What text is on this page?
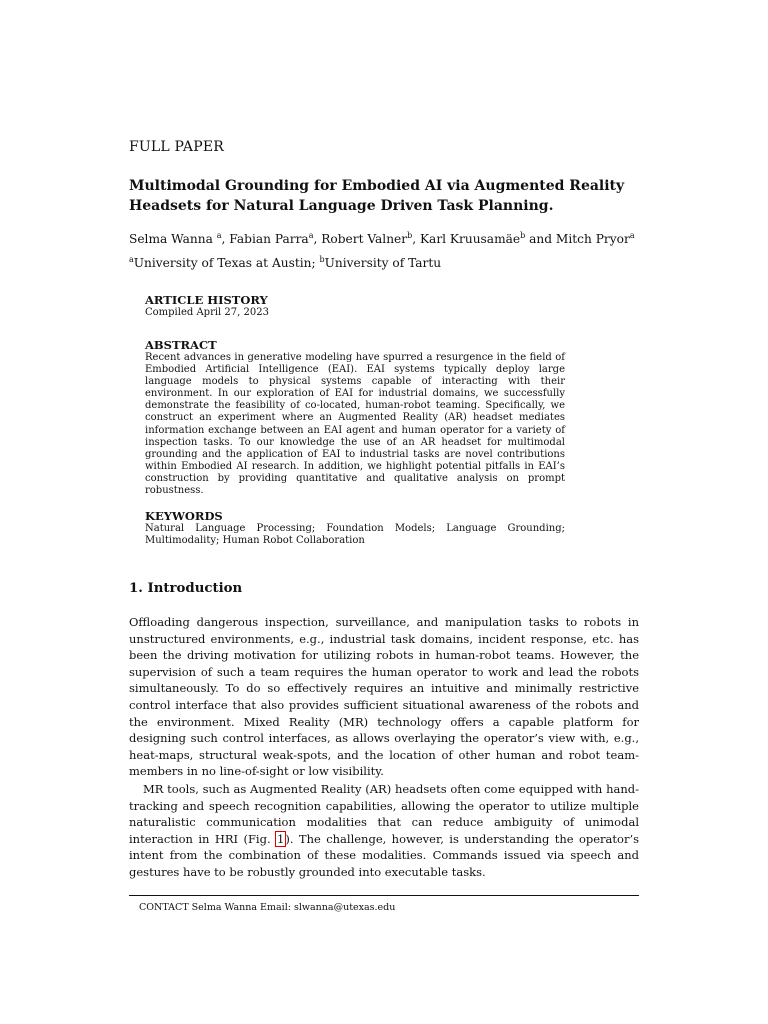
FULL PAPER
Multimodal Grounding for Embodied AI via Augmented Reality Headsets for Natural Language Driven Task Planning.
Selma Wanna $^a$, Fabian Parra$^a$, Robert Valner$^b$, Karl Kruusamäe$^b$ and Mitch Pryor$^a$
$^a$University of Texas at Austin; $^b$University of Tartu
ARTICLE HISTORY
Compiled April 27, 2023
ABSTRACT
Recent advances in generative modeling have spurred a resurgence in the field of Embodied Artificial Intelligence (EAI). EAI systems typically deploy large language models to physical systems capable of interacting with their environment. In our exploration of EAI for industrial domains, we successfully demonstrate the feasibility of co-located, human-robot teaming. Specifically, we construct an experiment where an Augmented Reality (AR) headset mediates information exchange between an EAI agent and human operator for a variety of inspection tasks. To our knowledge the use of an AR headset for multimodal grounding and the application of EAI to industrial tasks are novel contributions within Embodied AI research. In addition, we highlight potential pitfalls in EAI’s construction by providing quantitative and qualitative analysis on prompt robustness.
KEYWORDS
Natural Language Processing; Foundation Models; Language Grounding; Multimodality; Human Robot Collaboration
1. Introduction
Offloading dangerous inspection, surveillance, and manipulation tasks to robots in unstructured environments, e.g., industrial task domains, incident response, etc. has been the driving motivation for utilizing robots in human-robot teams. However, the supervision of such a team requires the human operator to work and lead the robots simultaneously. To do so effectively requires an intuitive and minimally restrictive control interface that also provides sufficient situational awareness of the robots and the environment. Mixed Reality (MR) technology offers a capable platform for designing such control interfaces, as allows overlaying the operator’s view with, e.g., heat-maps, structural weak-spots, and the location of other human and robot team-members in no line-of-sight or low visibility.
MR tools, such as Augmented Reality (AR) headsets often come equipped with hand-tracking and speech recognition capabilities, allowing the operator to utilize multiple naturalistic communication modalities that can reduce ambiguity of unimodal interaction in HRI (Fig. 1). The challenge, however, is understanding the operator’s intent from the combination of these modalities. Commands issued via speech and gestures have to be robustly grounded into executable tasks.
CONTACT Selma Wanna Email: slwanna@utexas.edu
